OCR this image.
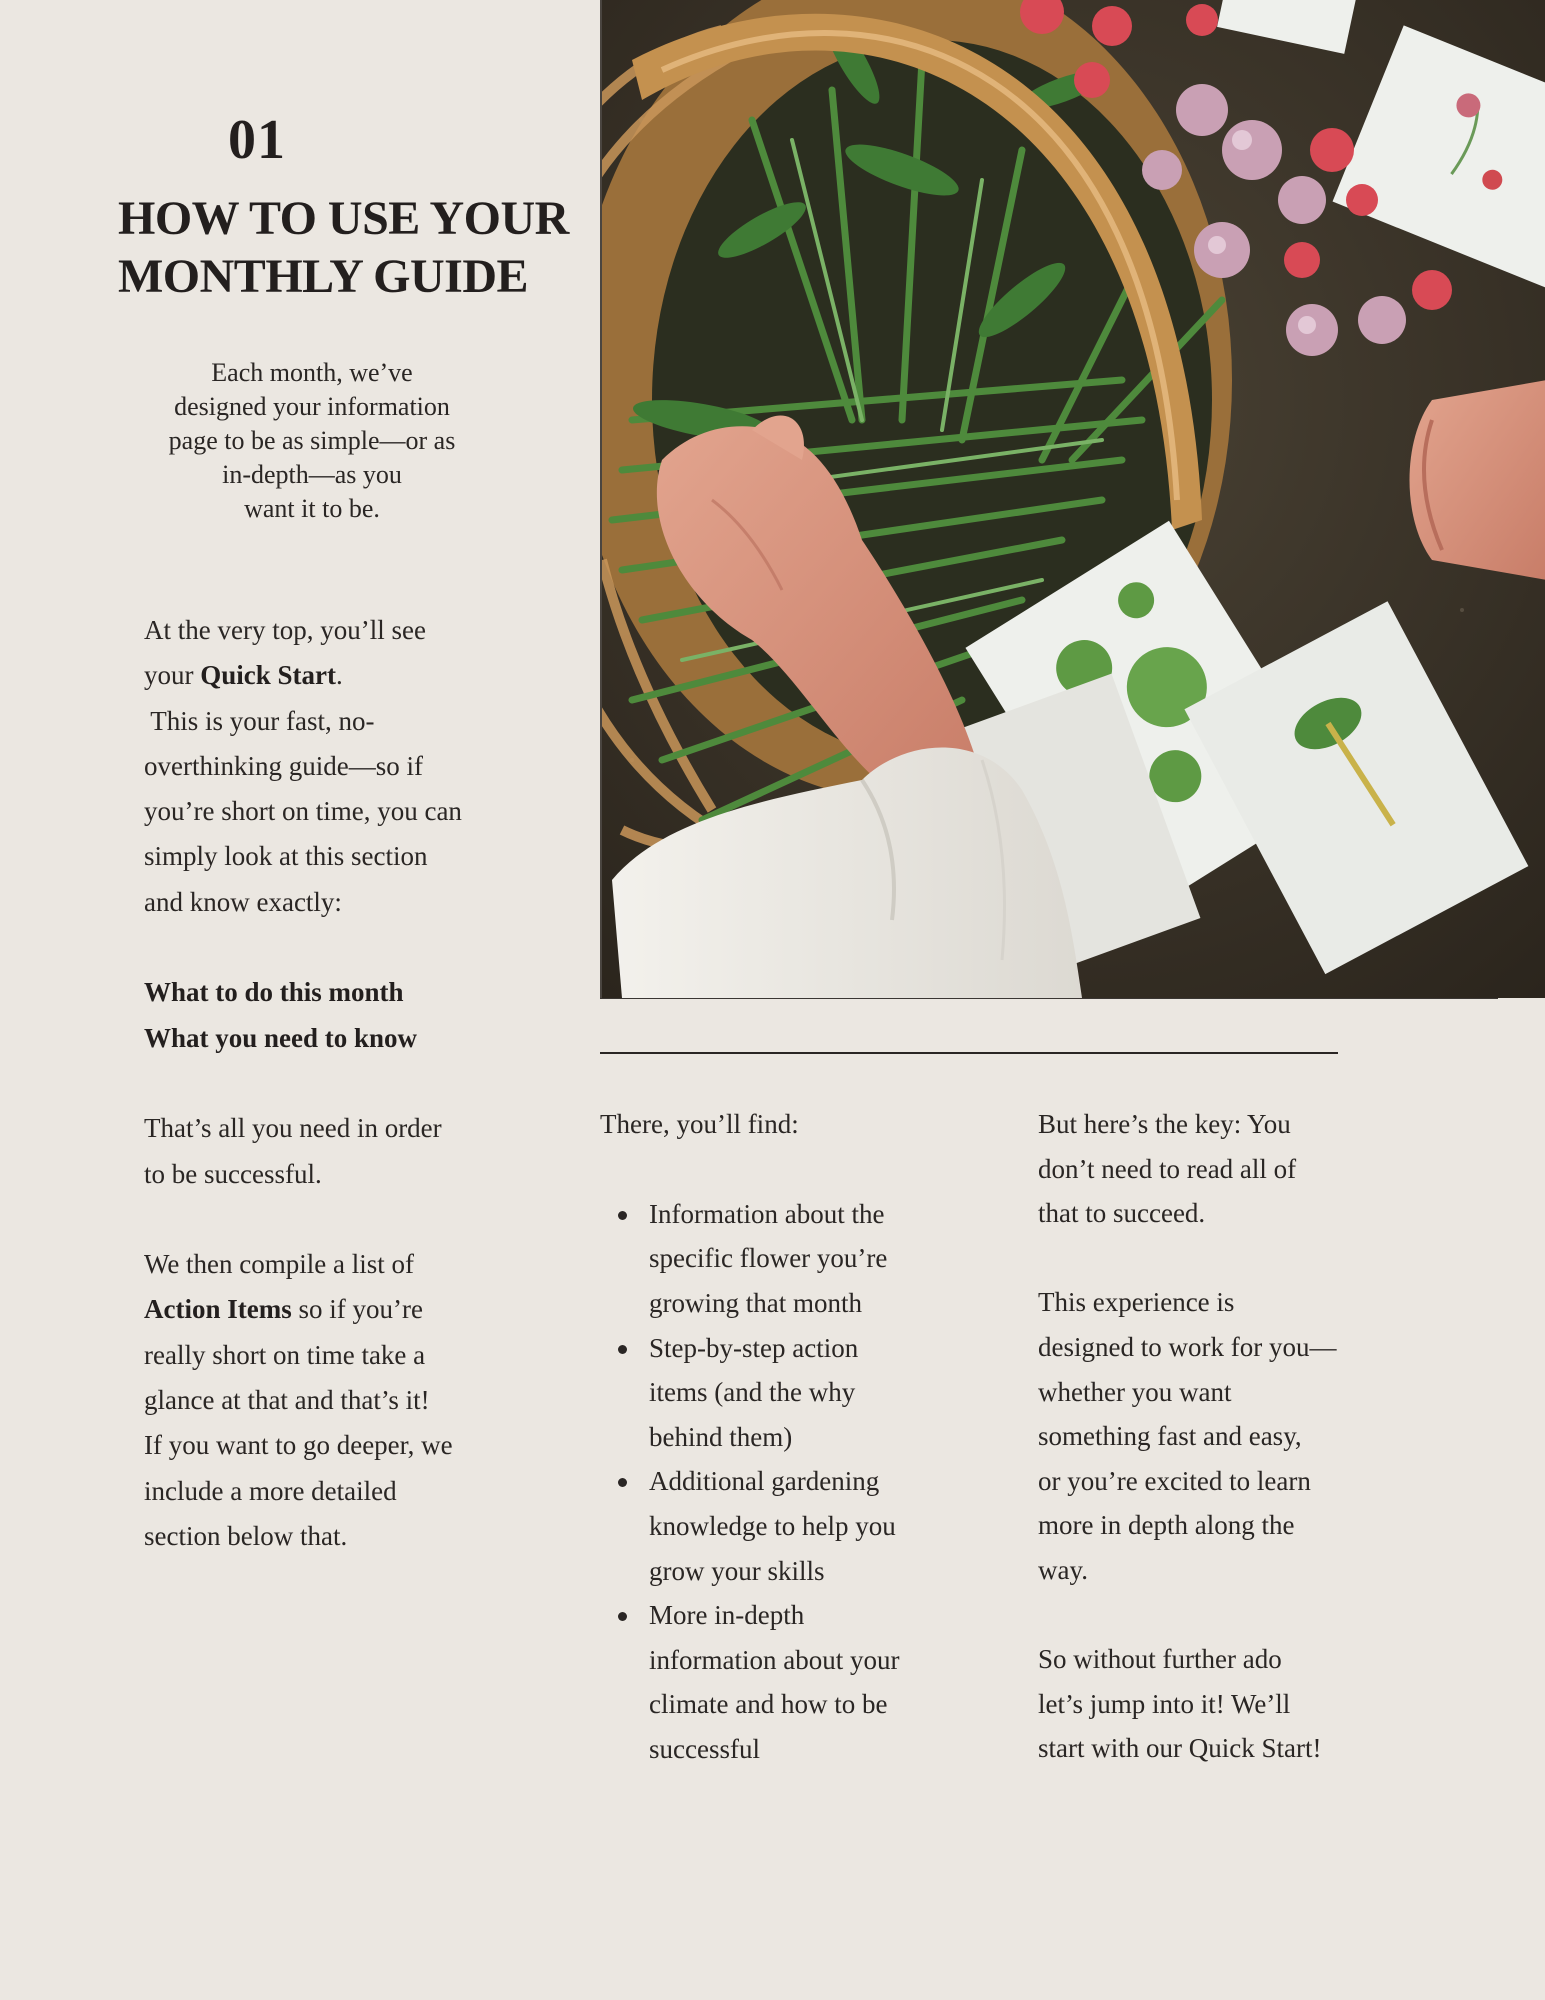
01
HOW TO USE YOUR
MONTHLY GUIDE
Each month, we’ve
designed your information
page to be as simple—or as
in-depth—as you
want it to be.
At the very top, you’ll see
your Quick Start.
This is your fast, no-
overthinking guide—so if
you’re short on time, you can
simply look at this section
and know exactly:
What to do this month
What you need to know
That’s all you need in order
to be successful.
We then compile a list of
Action Items so if you’re
really short on time take a
glance at that and that’s it!
If you want to go deeper, we
include a more detailed
section below that.
There, you’ll find:
Information about the
specific flower you’re
growing that month
Step-by-step action
items (and the why
behind them)
Additional gardening
knowledge to help you
grow your skills
More in-depth
information about your
climate and how to be
successful
But here’s the key: You
don’t need to read all of
that to succeed.
This experience is
designed to work for you—
whether you want
something fast and easy,
or you’re excited to learn
more in depth along the
way.
So without further ado
let’s jump into it! We’ll
start with our Quick Start!
